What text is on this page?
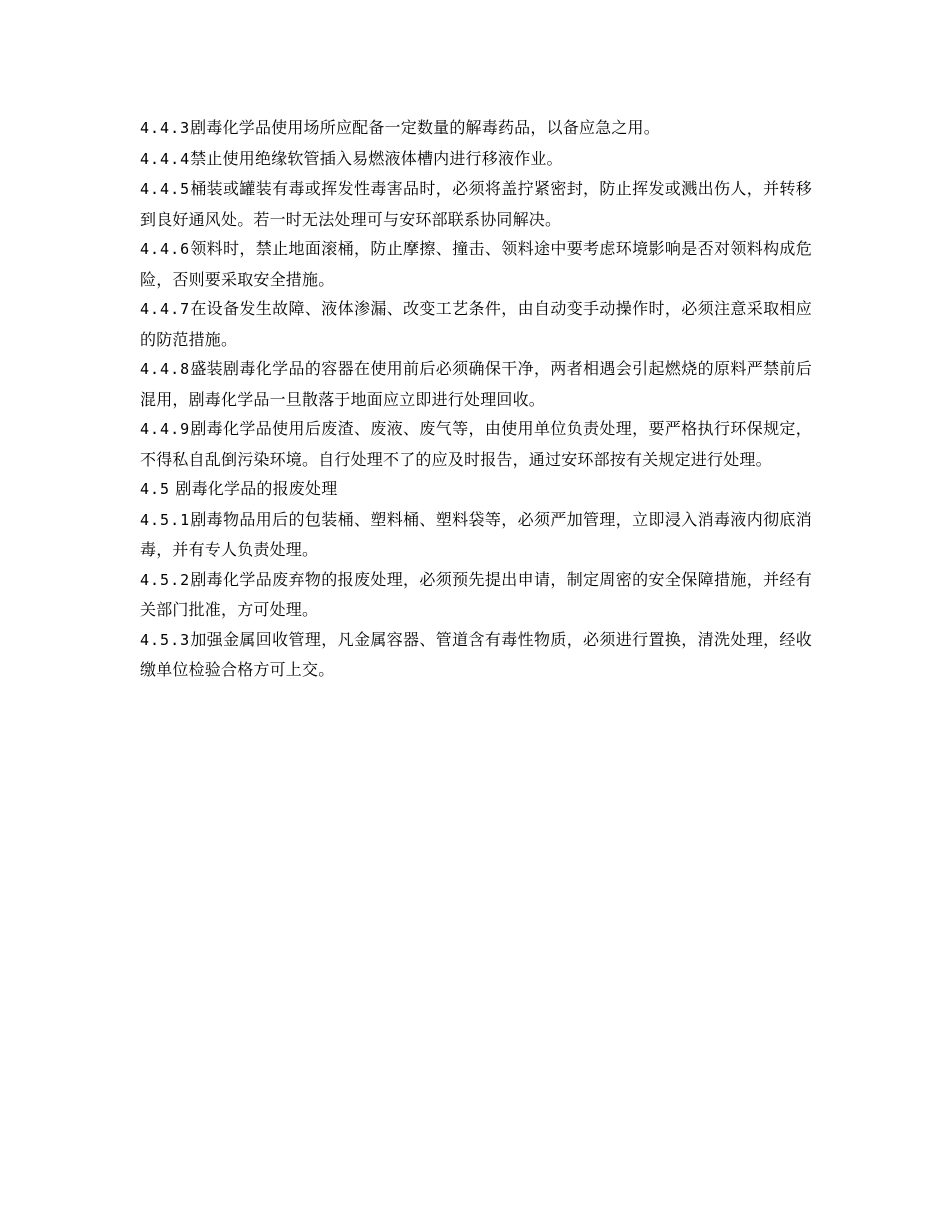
4.4.3剧毒化学品使用场所应配备一定数量的解毒药品，以备应急之用。

4.4.4禁止使用绝缘软管插入易燃液体槽内进行移液作业。

4.4.5桶装或罐装有毒或挥发性毒害品时，必须将盖拧紧密封，防止挥发或溅出伤人，并转移到良好通风处。若一时无法处理可与安环部联系协同解决。

4.4.6领料时，禁止地面滚桶，防止摩擦、撞击、领料途中要考虑环境影响是否对领料构成危险，否则要采取安全措施。

4.4.7在设备发生故障、液体渗漏、改变工艺条件，由自动变手动操作时，必须注意采取相应的防范措施。

4.4.8盛装剧毒化学品的容器在使用前后必须确保干净，两者相遇会引起燃烧的原料严禁前后混用，剧毒化学品一旦散落于地面应立即进行处理回收。

4.4.9剧毒化学品使用后废渣、废液、废气等，由使用单位负责处理，要严格执行环保规定，不得私自乱倒污染环境。自行处理不了的应及时报告，通过安环部按有关规定进行处理。

4.5 剧毒化学品的报废处理

4.5.1剧毒物品用后的包装桶、塑料桶、塑料袋等，必须严加管理，立即浸入消毒液内彻底消毒，并有专人负责处理。

4.5.2剧毒化学品废弃物的报废处理，必须预先提出申请，制定周密的安全保障措施，并经有关部门批准，方可处理。

4.5.3加强金属回收管理，凡金属容器、管道含有毒性物质，必须进行置换，清洗处理，经收缴单位检验合格方可上交。
